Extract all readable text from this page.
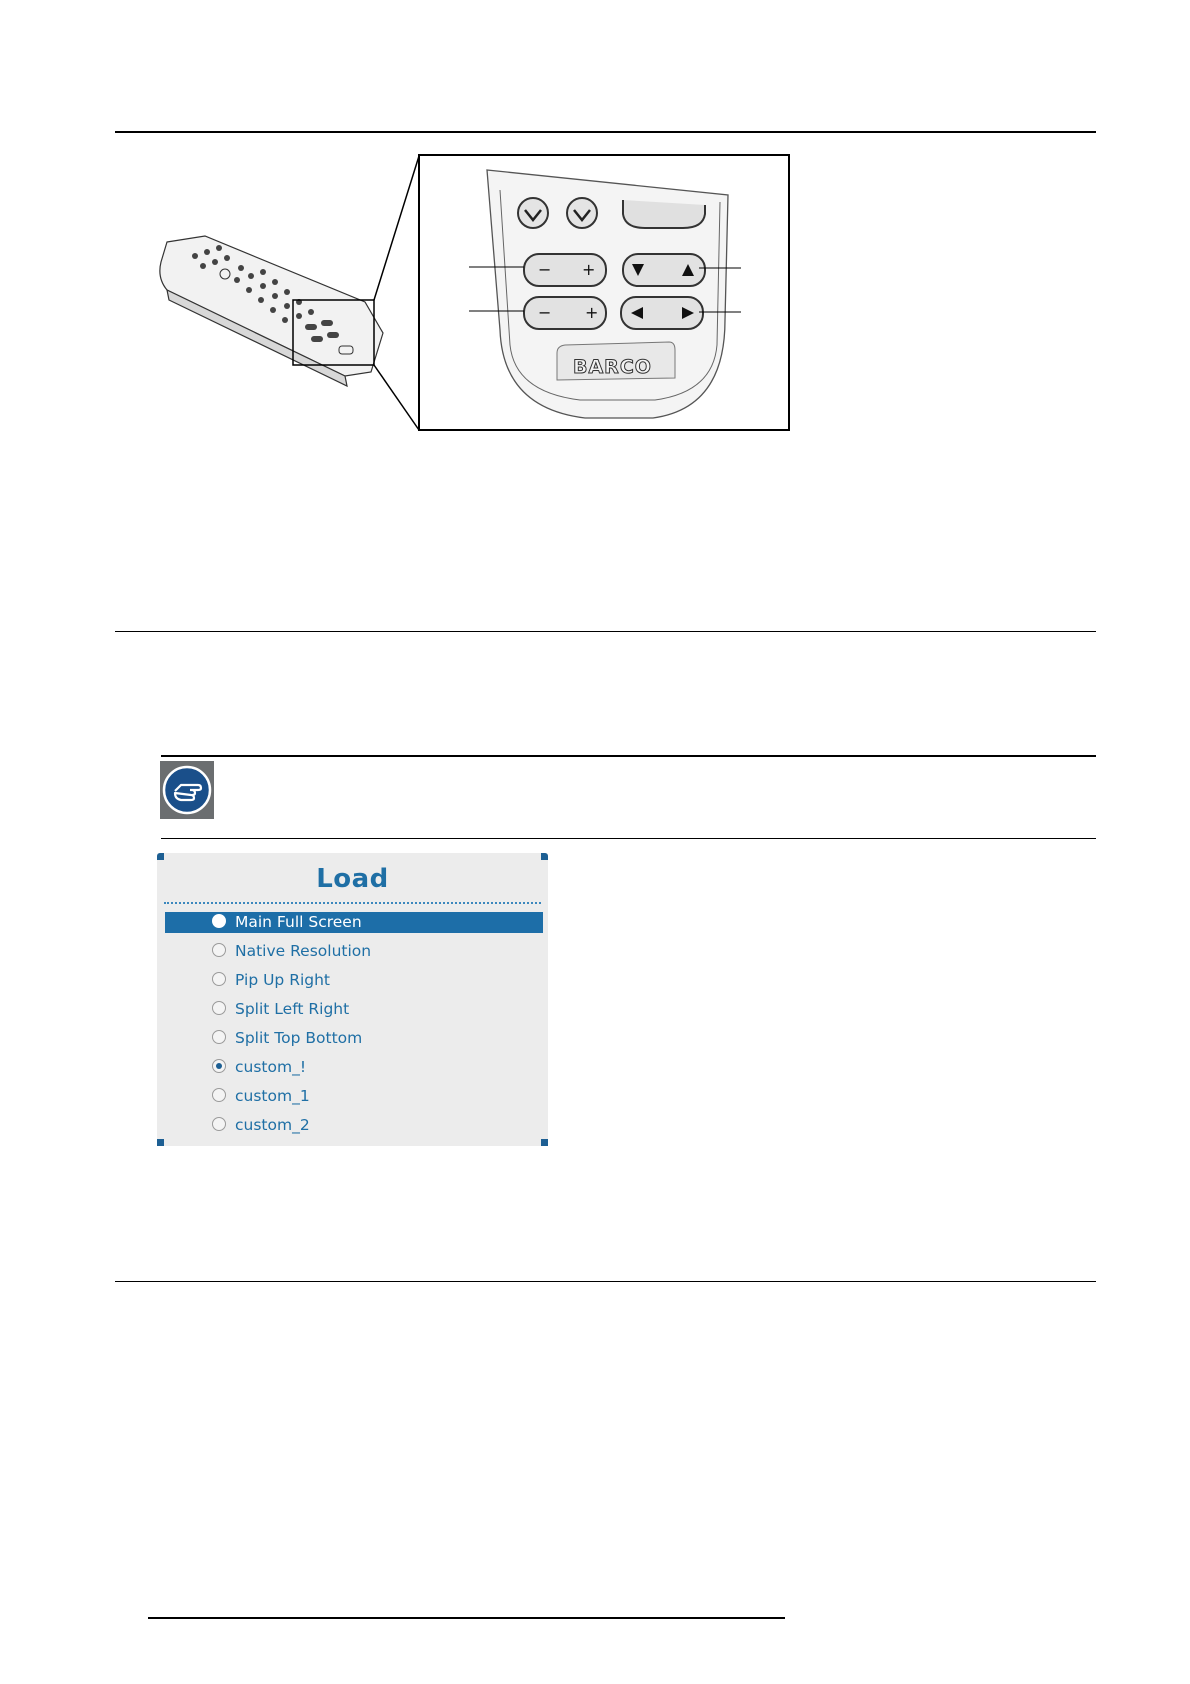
− +
− +
BARCO
Load
Main Full Screen
Native Resolution
Pip Up Right
Split Left Right
Split Top Bottom
custom_!
custom_1
custom_2
